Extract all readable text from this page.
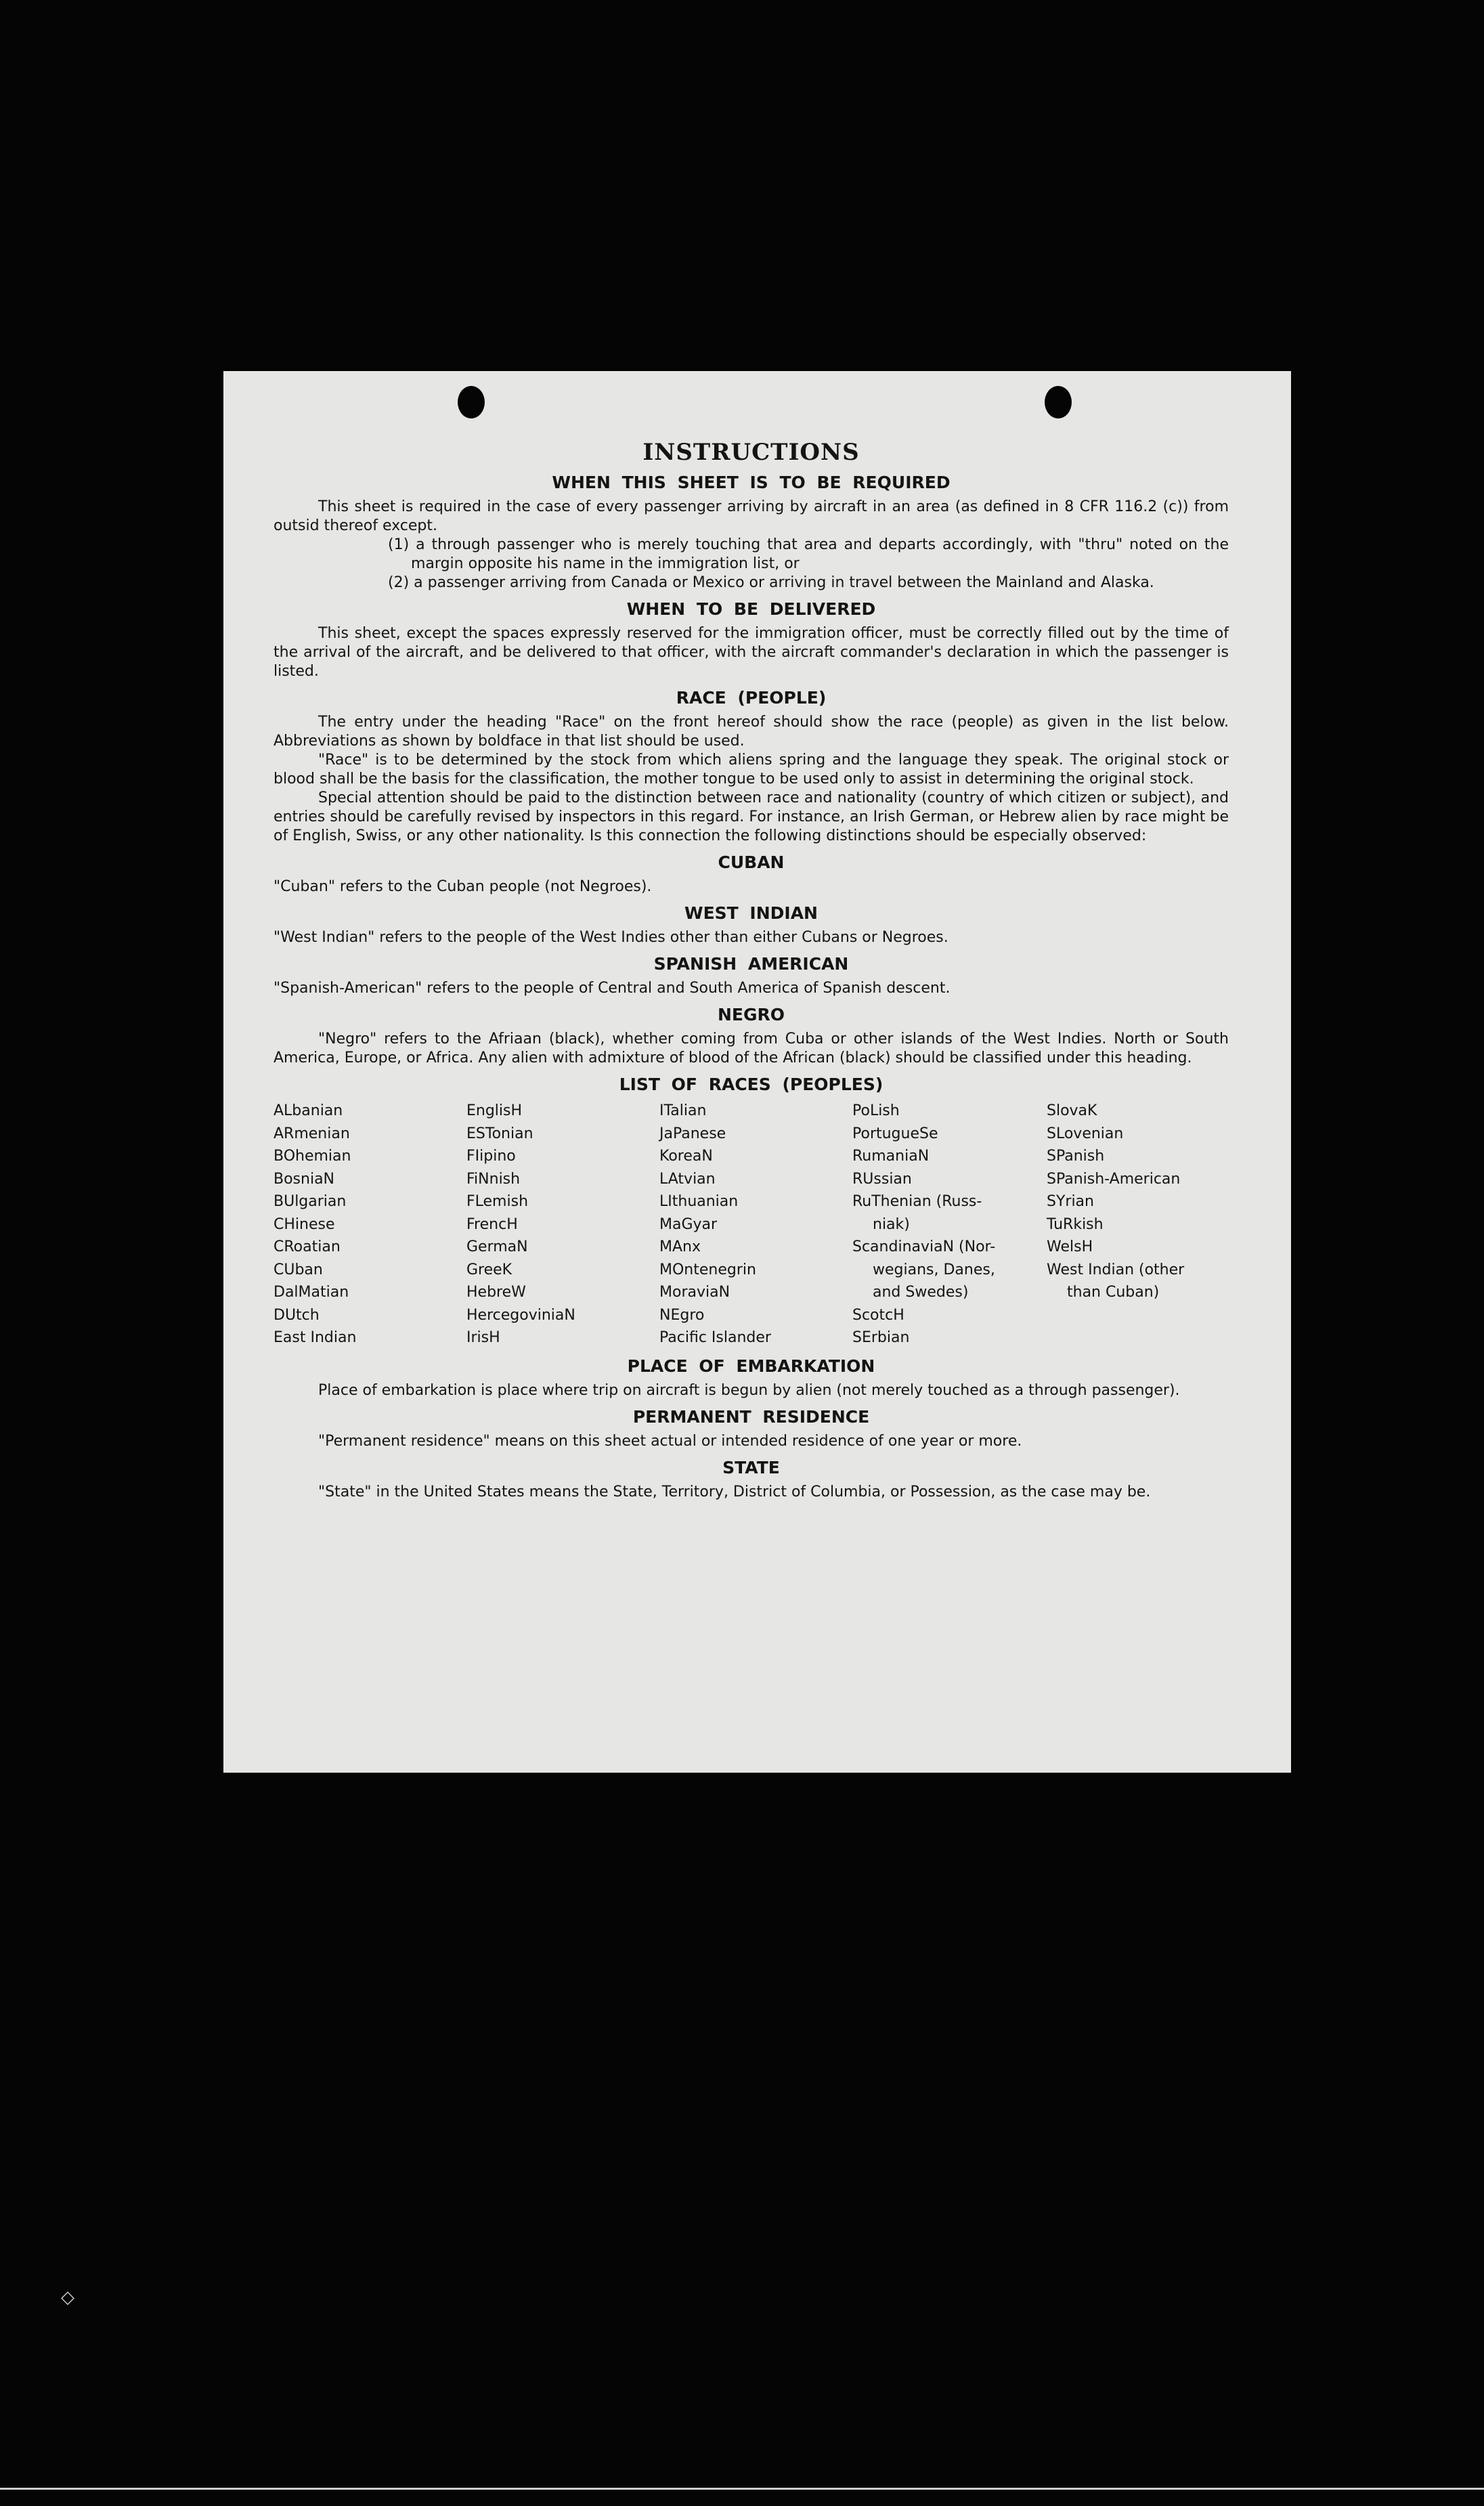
INSTRUCTIONS
WHEN THIS SHEET IS TO BE REQUIRED

This sheet is required in the case of every passenger arriving by aircraft in an area (as defined in 8 CFR 116.2 (c)) from outsid thereof except.

(1) a through passenger who is merely touching that area and departs accordingly, with "thru" noted on the margin opposite his name in the immigration list, or

(2) a passenger arriving from Canada or Mexico or arriving in travel between the Mainland and Alaska.

WHEN TO BE DELIVERED

This sheet, except the spaces expressly reserved for the immigration officer, must be correctly filled out by the time of the arrival of the aircraft, and be delivered to that officer, with the aircraft commander's declaration in which the passenger is listed.

RACE (PEOPLE)

The entry under the heading "Race" on the front hereof should show the race (people) as given in the list below. Abbreviations as shown by boldface in that list should be used.

"Race" is to be determined by the stock from which aliens spring and the language they speak. The original stock or blood shall be the basis for the classification, the mother tongue to be used only to assist in determining the original stock.

Special attention should be paid to the distinction between race and nationality (country of which citizen or subject), and entries should be carefully revised by inspectors in this regard. For instance, an Irish German, or Hebrew alien by race might be of English, Swiss, or any other nationality. Is this connection the following distinctions should be especially observed:

CUBAN

"Cuban" refers to the Cuban people (not Negroes).

WEST INDIAN

"West Indian" refers to the people of the West Indies other than either Cubans or Negroes.

SPANISH AMERICAN

"Spanish-American" refers to the people of Central and South America of Spanish descent.

NEGRO

"Negro" refers to the Afriaan (black), whether coming from Cuba or other islands of the West Indies. North or South America, Europe, or Africa. Any alien with admixture of blood of the African (black) should be classified under this heading.

LIST OF RACES (PEOPLES)
ALbanian
ARmenian
BOhemian
BosniaN
BUlgarian
CHinese
CRoatian
CUban
DalMatian
DUtch
East Indian
EnglisH
ESTonian
FIipino
FiNnish
FLemish
FrencH
GermaN
GreeK
HebreW
HercegoviniaN
IrisH
ITalian
JaPanese
KoreaN
LAtvian
LIthuanian
MaGyar
MAnx
MOntenegrin
MoraviaN
NEgro
Pacific Islander
PoLish
PortugueSe
RumaniaN
RUssian
RuThenian (Russ-
niak)
ScandinaviaN (Nor-
wegians, Danes,
and Swedes)
ScotcH
SErbian
SlovaK
SLovenian
SPanish
SPanish-American
SYrian
TuRkish
WelsH
West Indian (other
than Cuban)
PLACE OF EMBARKATION

Place of embarkation is place where trip on aircraft is begun by alien (not merely touched as a through passenger).

PERMANENT RESIDENCE

"Permanent residence" means on this sheet actual or intended residence of one year or more.

STATE

"State" in the United States means the State, Territory, District of Columbia, or Possession, as the case may be.

◇
